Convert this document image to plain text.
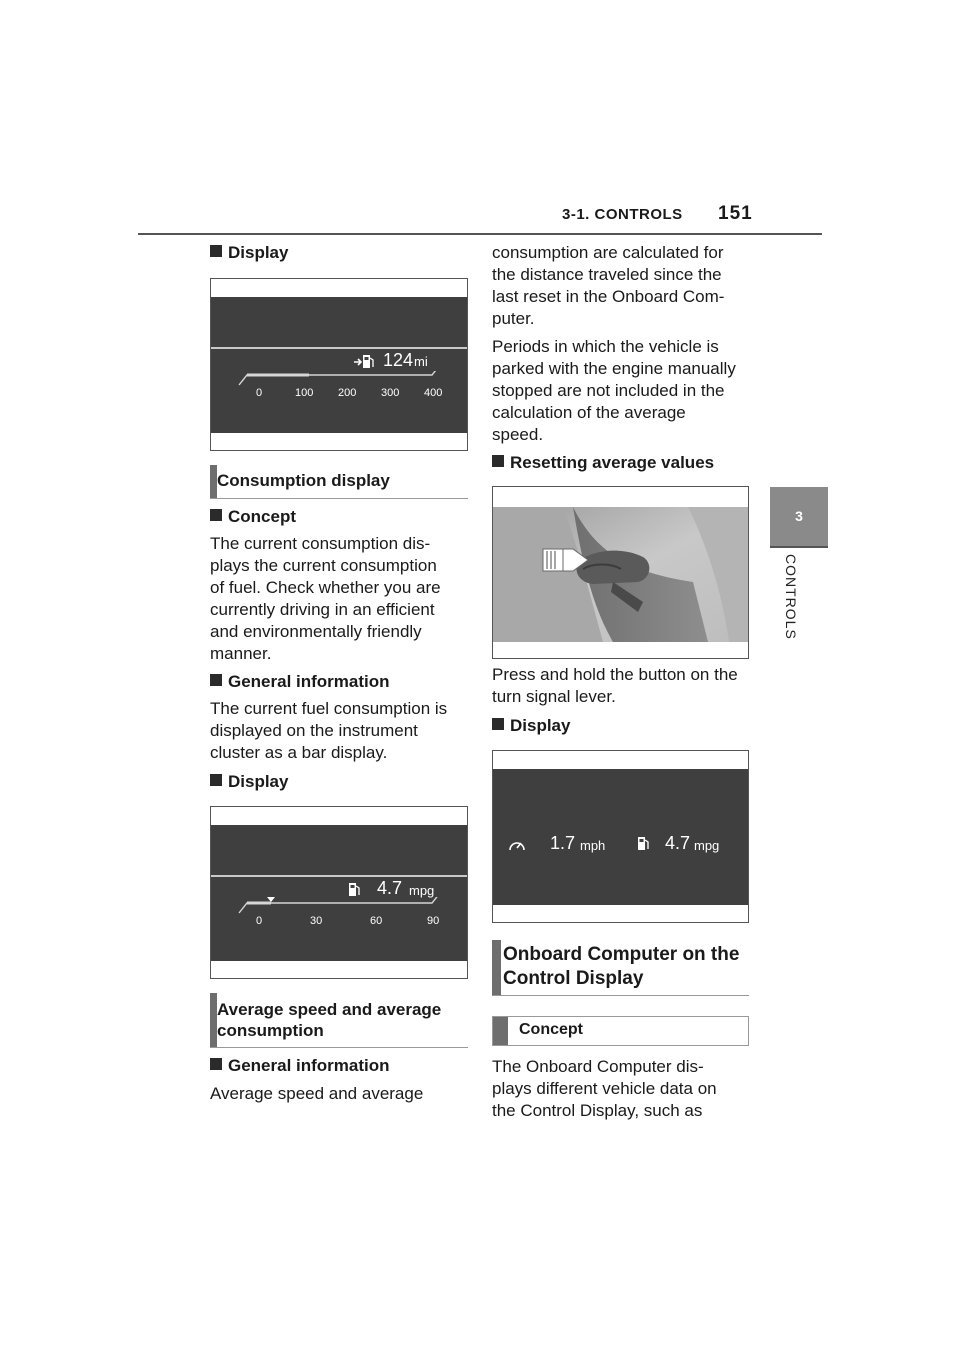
3-1. CONTROLS 151
3
CONTROLS
Display
124 mi
0	100 200 300 400
Consumption display
Concept
The current consumption dis-
plays the current consumption
of fuel. Check whether you are
currently driving in an efficient
and environmentally friendly
manner.
General information
The current fuel consumption is
displayed on the instrument
cluster as a bar display.
Display
4.7 mpg
0	30	60	90
Average speed and average
consumption
General information
Average speed and average
consumption are calculated for
the distance traveled since the
last reset in the Onboard Com-
puter.
Periods in which the vehicle is
parked with the engine manually
stopped are not included in the
calculation of the average
speed.
Resetting average values
Press and hold the button on the
turn signal lever.
Display
1.7 mph	4.7 mpg
Onboard Computer on the
Control Display
Concept
The Onboard Computer dis-
plays different vehicle data on
the Control Display, such as
